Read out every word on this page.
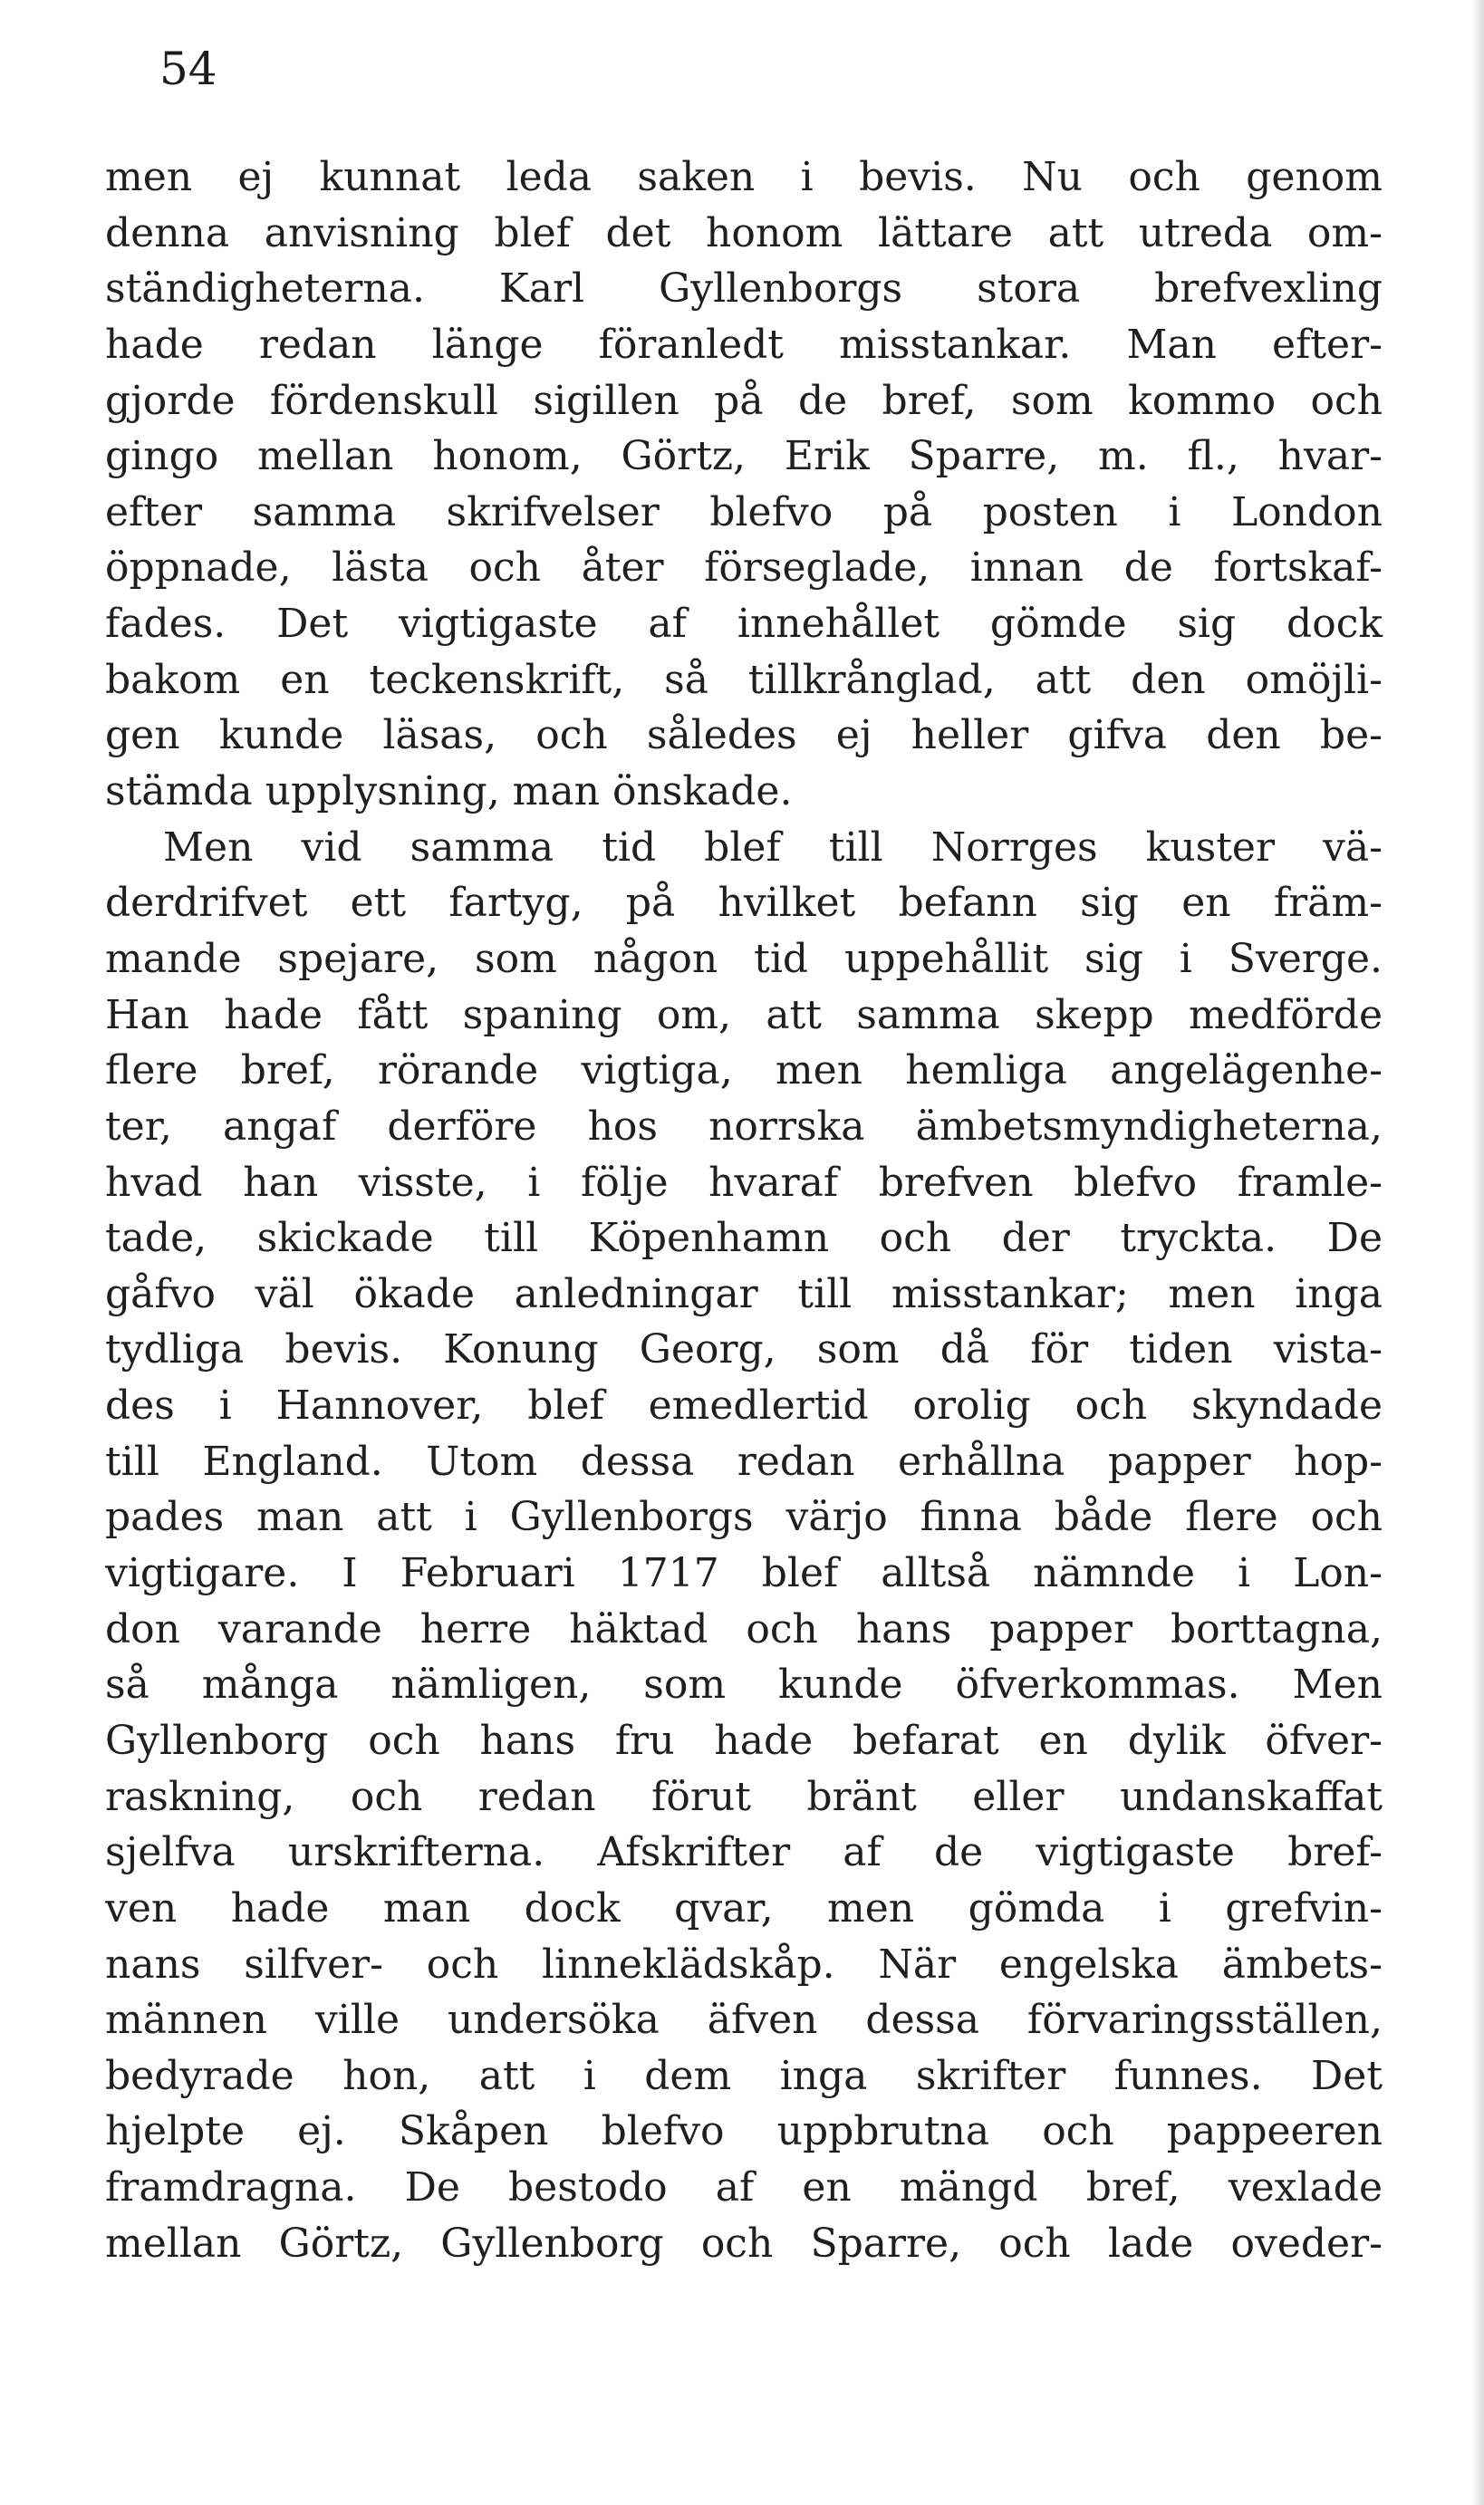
54

men ej kunnat leda saken i bevis. Nu och genom
denna anvisning blef det honom lättare att utreda om-
ständigheterna. Karl Gyllenborgs stora brefvexling
hade redan länge föranledt misstankar. Man efter-
gjorde fördenskull sigillen på de bref, som kommo och
gingo mellan honom, Görtz, Erik Sparre, m. fl., hvar-
efter samma skrifvelser blefvo på posten i London
öppnade, lästa och åter förseglade, innan de fortskaf-
fades. Det vigtigaste af innehållet gömde sig dock
bakom en teckenskrift, så tillkrånglad, att den omöjli-
gen kunde läsas, och således ej heller gifva den be-
stämda upplysning, man önskade.

Men vid samma tid blef till Norrges kuster vä-
derdrifvet ett fartyg, på hvilket befann sig en främ-
mande spejare, som någon tid uppehållit sig i Sverge.
Han hade fått spaning om, att samma skepp medförde
flere bref, rörande vigtiga, men hemliga angelägenhe-
ter, angaf derföre hos norrska ämbetsmyndigheterna,
hvad han visste, i följe hvaraf brefven blefvo framle-
tade, skickade till Köpenhamn och der tryckta. De
gåfvo väl ökade anledningar till misstankar; men inga
tydliga bevis. Konung Georg, som då för tiden vista-
des i Hannover, blef emedlertid orolig och skyndade
till England. Utom dessa redan erhållna papper hop-
pades man att i Gyllenborgs värjo finna både flere och
vigtigare. I Februari 1717 blef alltså nämnde i Lon-
don varande herre häktad och hans papper borttagna,
så många nämligen, som kunde öfverkommas. Men
Gyllenborg och hans fru hade befarat en dylik öfver-
raskning, och redan förut bränt eller undanskaffat
sjelfva urskrifterna. Afskrifter af de vigtigaste bref-
ven hade man dock qvar, men gömda i grefvin-
nans silfver- och linneklädskåp. När engelska ämbets-
männen ville undersöka äfven dessa förvaringsställen,
bedyrade hon, att i dem inga skrifter funnes. Det
hjelpte ej. Skåpen blefvo uppbrutna och pappeeren
framdragna. De bestodo af en mängd bref, vexlade
mellan Görtz, Gyllenborg och Sparre, och lade oveder-
